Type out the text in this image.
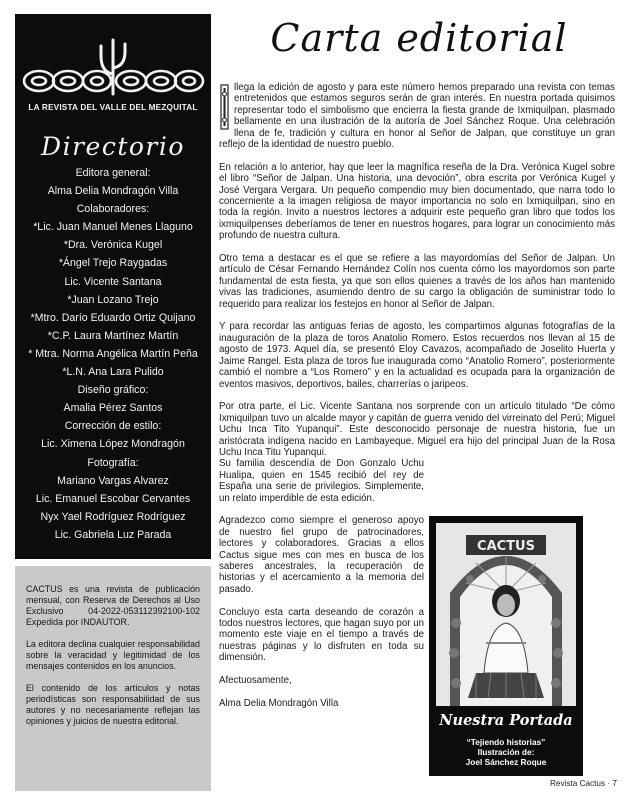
LA REVISTA DEL VALLE DEL MEZQUITAL
Directorio
Editora general:
Alma Delia Mondragón Villa
Colaboradores:
*Lic. Juan Manuel Menes Llaguno
*Dra. Verónica Kugel
*Ángel Trejo Raygadas
Lic. Vicente Santana
*Juan Lozano Trejo
*Mtro. Darío Eduardo Ortiz Quijano
*C.P. Laura Martínez Martín
* Mtra. Norma Angélica Martín Peña
*L.N. Ana Lara Pulido
Diseño gráfico:
Amalia Pérez Santos
Corrección de estilo:
Lic. Ximena López Mondragón
Fotografía:
Mariano Vargas Alvarez
Lic. Emanuel Escobar Cervantes
Nyx Yael Rodríguez Rodríguez
Lic. Gabriela Luz Parada

CACTUS es una revista de publicación mensual, con Reserva de Derechos al Uso Exclusivo 04-2022-053112392100-102 Expedida por INDAUTOR.

La editora declina cualquier responsabilidad sobre la veracidad y legitimidad de los mensajes contenidos en los anuncios.

El contenido de los artículos y notas periodísticas son responsabilidad de sus autores y no necesariamente reflejan las opiniones y juicios de nuestra editorial.

Carta editorial

llega la edición de agosto y para este número hemos preparado una revista con temas entretenidos que estamos seguros serán de gran interés. En nuestra portada quisimos representar todo el simbolismo que encierra la fiesta grande de Ixmiquilpan, plasmado bellamente en una ilustración de la autoría de Joel Sánchez Roque. Una celebración llena de fe, tradición y cultura en honor al Señor de Jalpan, que constituye un gran reflejo de la identidad de nuestro pueblo.

En relación a lo anterior, hay que leer la magnífica reseña de la Dra. Verónica Kugel sobre el libro “Señor de Jalpan. Una historia, una devoción”, obra escrita por Verónica Kugel y José Vergara Vergara. Un pequeño compendio muy bien documentado, que narra todo lo concerniente a la imagen religiosa de mayor importancia no solo en Ixmiquilpan, sino en toda la región. Invito a nuestros lectores a adquirir este pequeño gran libro que todos los ixmiquilpenses deberíamos de tener en nuestros hogares, para lograr un conocimiento más profundo de nuestra cultura.

Otro tema a destacar es el que se refiere a las mayordomías del Señor de Jalpan. Un artículo de César Fernando Hernández Colín nos cuenta cómo los mayordomos son parte fundamental de esta fiesta, ya que son ellos quienes a través de los años han mantenido vivas las tradiciones, asumiendo dentro de su cargo la obligación de suministrar todo lo requerido para realizar los festejos en honor al Señor de Jalpan.

Y para recordar las antiguas ferias de agosto, les compartimos algunas fotografías de la inauguración de la plaza de toros Anatolio Romero. Estos recuerdos nos llevan al 15 de agosto de 1973. Aquel día, se presentó Eloy Cavazos, acompañado de Joselito Huerta y Jaime Rangel. Esta plaza de toros fue inaugurada como “Anatolio Romero”, posteriormente cambió el nombre a “Los Romero” y en la actualidad es ocupada para la organización de eventos masivos, deportivos, bailes, charrerías o jaripeos.

Por otra parte, el Lic. Vicente Santana nos sorprende con un artículo titulado “De cómo Ixmiquilpan tuvo un alcalde mayor y capitán de guerra venido del virreinato del Perú; Miguel Uchu Inca Tito Yupanqui”. Este desconocido personaje de nuestra historia, fue un aristócrata indígena nacido en Lambayeque. Miguel era hijo del principal Juan de la Rosa Uchu Inca Titu Yupanqui.

Su familia descendía de Don Gonzalo Uchu Hualipa, quien en 1545 recibió del rey de España una serie de privilegios. Simplemente, un relato imperdible de esta edición.

Agradezco como siempre el generoso apoyo de nuestro fiel grupo de patrocinadores, lectores y colaboradores. Gracias a ellos Cactus sigue mes con mes en busca de los saberes ancestrales, la recuperación de historias y el acercamiento a la memoria del pasado.

Concluyo esta carta deseando de corazón a todos nuestros lectores, que hagan suyo por un momento este viaje en el tiempo a través de nuestras páginas y lo disfruten en toda su dimensión.

Afectuosamente,

Alma Delia Mondragón Villa

CACTUS
Nuestra Portada
“Tejiendo historias”
Ilustración de:
Joel Sánchez Roque
Revista Cactus · 7
